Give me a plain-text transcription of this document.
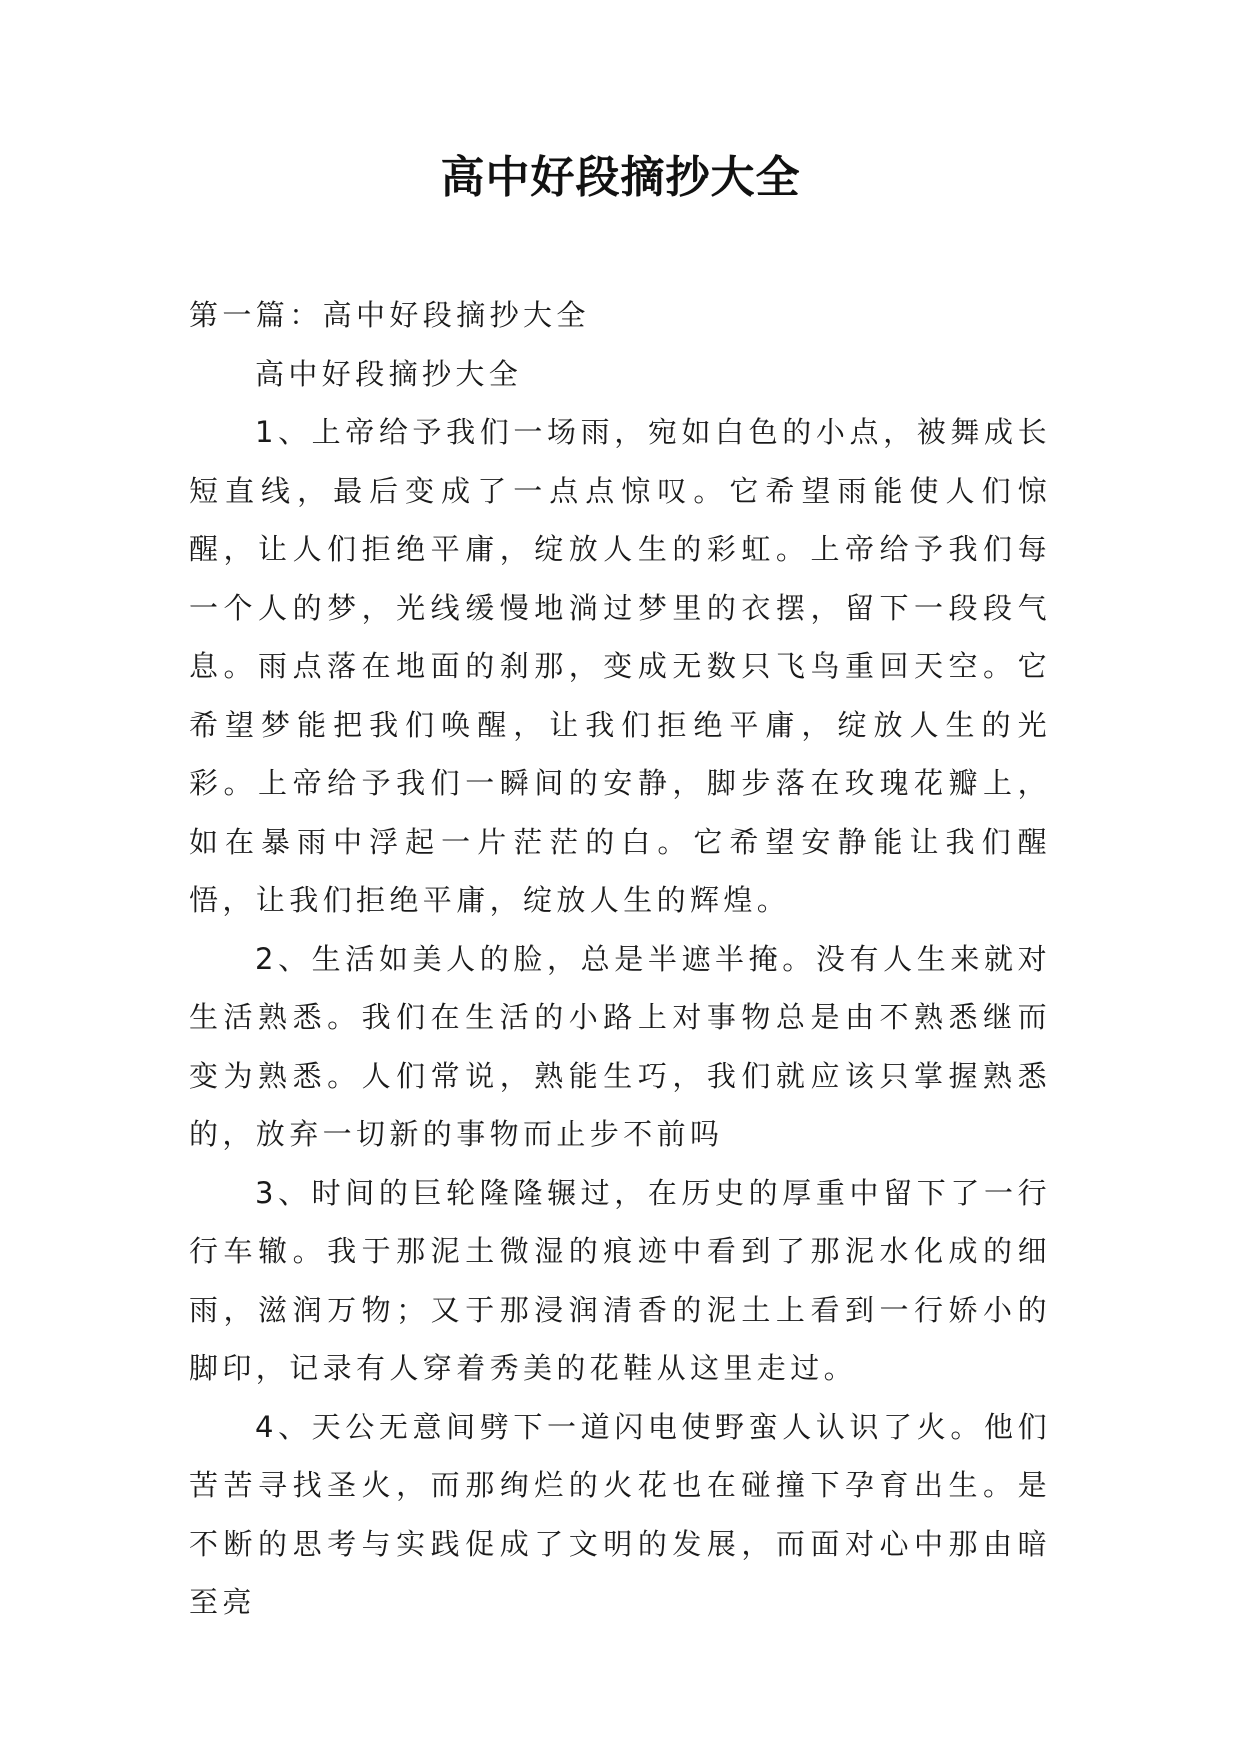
高中好段摘抄大全

第一篇：高中好段摘抄大全

高中好段摘抄大全

1、上帝给予我们一场雨，宛如白色的小点，被舞成长短直线，最后变成了一点点惊叹。它希望雨能使人们惊醒，让人们拒绝平庸，绽放人生的彩虹。上帝给予我们每一个人的梦，光线缓慢地淌过梦里的衣摆，留下一段段气息。雨点落在地面的刹那，变成无数只飞鸟重回天空。它希望梦能把我们唤醒，让我们拒绝平庸，绽放人生的光彩。上帝给予我们一瞬间的安静，脚步落在玫瑰花瓣上，如在暴雨中浮起一片茫茫的白。它希望安静能让我们醒悟，让我们拒绝平庸，绽放人生的辉煌。

2、生活如美人的脸，总是半遮半掩。没有人生来就对生活熟悉。我们在生活的小路上对事物总是由不熟悉继而变为熟悉。人们常说，熟能生巧，我们就应该只掌握熟悉的，放弃一切新的事物而止步不前吗

3、时间的巨轮隆隆辗过，在历史的厚重中留下了一行行车辙。我于那泥土微湿的痕迹中看到了那泥水化成的细雨，滋润万物；又于那浸润清香的泥土上看到一行娇小的脚印，记录有人穿着秀美的花鞋从这里走过。

4、天公无意间劈下一道闪电使野蛮人认识了火。他们苦苦寻找圣火，而那绚烂的火花也在碰撞下孕育出生。是不断的思考与实践促成了文明的发展，而面对心中那由暗至亮
